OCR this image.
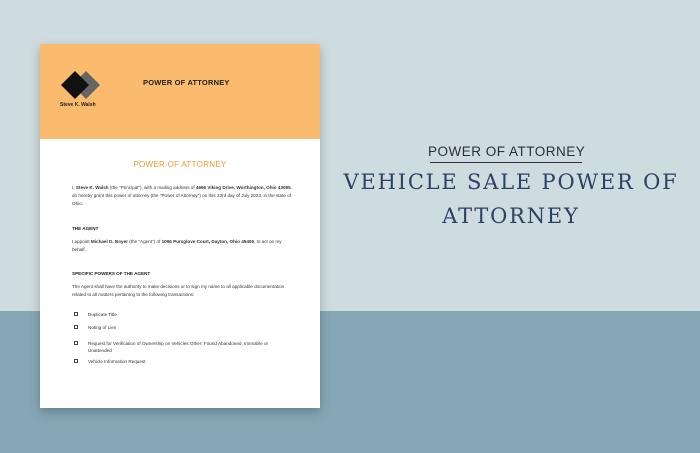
Steve K. Walsh
POWER OF ATTORNEY
POWER OF ATTORNEY
I, Steve K. Walsh (the "Principal"), with a mailing address of 4966 Viking Drive, Worthington, Ohio 43085, do hereby grant this power of attorney (the "Power of Attorney") on this 23rd day of July 2023, in the state of Ohio.
THE AGENT
I appoint Michael D. Boyer (the "Agent") of 1096 Pursglove Court, Dayton, Ohio 45406, to act on my behalf.
SPECIFIC POWERS OF THE AGENT
The Agent shall have the authority to make decisions or to sign my name to all applicable documentation related to all matters pertaining to the following transactions:
Duplicate Title
Noting of Lien
Request for Verification of Ownership on Vehicles Other: Found Abandoned, Immobile or Unattended
Vehicle Information Request
POWER OF ATTORNEY
VEHICLE SALE POWER OF ATTORNEY
